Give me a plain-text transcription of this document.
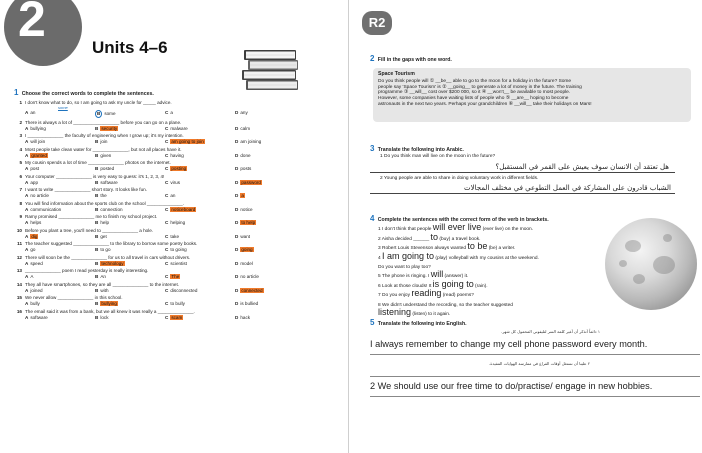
2
Units 4–6
1 Choose the correct words to complete the sentences.
1 I don't know what to do, so I am going to ask my uncle for _____ advice.
some
A an	B some	C a	D any
2 There is always a lot of __________________ before you can go on a plane.
A bullying	B security	C malware	D calm
3 I ______________ the faculty of engineering when I grow up; it's my intention.
A will join	B join	C am going to join	D am joining
4 Most people take clean water for ______________, but not all places have it.
A granted	B given	C having	D done
5 My cousin spends a lot of time ______________ photos on the internet.
A post	B posted	C posting	D posts
6 Your computer ______________ is very easy to guess: it's 1, 2, 3, 4!
A app	B software	C virus	D password
7 I want to write ______________ short story. It looks like fun.
A no article	B the	C an	D a
8 You will find information about the sports club on the school ______________.
A communication	B connection	C noticeboard	D notice
9 Ramy promised ______________ me to finish my school project.
A helps	B help	C helping	D to help
10 Before you plant a tree, you'll need to ______________ a hole.
A dig	B get	C take	D want
11 The teacher suggested ______________ to the library to borrow some poetry books.
A go	B to go	C to going	D going
12 There will soon be the ______________ for us to all travel in cars without drivers.
A speed	B technology	C scientist	D model
13 ______________ poem I read yesterday is really interesting.
A A	B An	C The	D no article
14 They all have smartphones, so they are all ______________ to the internet.
A joined	B with	C disconnected	D connected
15 We never allow ______________ in this school.
A bully	B bullying	C to bully	D is bullied
16 The email said it was from a bank, but we all knew it was really a ______________.
A software	B lock	C scam	D hack
R2
2 Fill in the gaps with one word.
Space Tourism
Do you think people will ① __be__ able to go to the moon for a holiday in the future? Some
people say 'Space Tourism' is ② __going__ to generate a lot of money in the future. The training
programme ③ __will__ cost over $200 000, so it ④ __won't__ be available to most people.
However, some companies have waiting lists of people who ⑤ __are__ hoping to become
astronauts in the next two years. Perhaps your grandchildren ⑥ __will__ take their holidays on Mars!
3 Translate the following into Arabic.
1 Do you think man will live on the moon in the future?
هل تعتقد أن الانسان سوف يعيش على القمر في المستقبل؟
2 Young people are able to share in doing voluntary work in different fields.
الشباب قادرون على المشاركة في العمل التطوعي في مختلف المجالات
4 Complete the sentences with the correct form of the verb in brackets.
1 I don't think that people will ever live (ever live) on the moon.
2 Aisha decided ______ to (buy) a travel book.
3 Robert Louis Stevenson always wanted to be (be) a writer.
4 I am going to (play) volleyball with my cousins at the weekend.
Do you want to play too?
5 The phone is ringing. I will (answer) it.
6 Look at those clouds! It is going to (rain).
7 Do you enjoy reading (read) poems?
8 We didn't understand the recording, so the teacher suggested
listening (listen) to it again.
5 Translate the following into English.
١ دائماً أتذكر أن أغير كلمة السر لتليفوني المحمول كل شهر.
I always remember to change my cell phone password every month.
٢ علينا أن نستغل أوقات الفراغ في ممارسة الهوايات المفيدة.
2 We should use our free time to do/practise/ engage in new hobbies.
